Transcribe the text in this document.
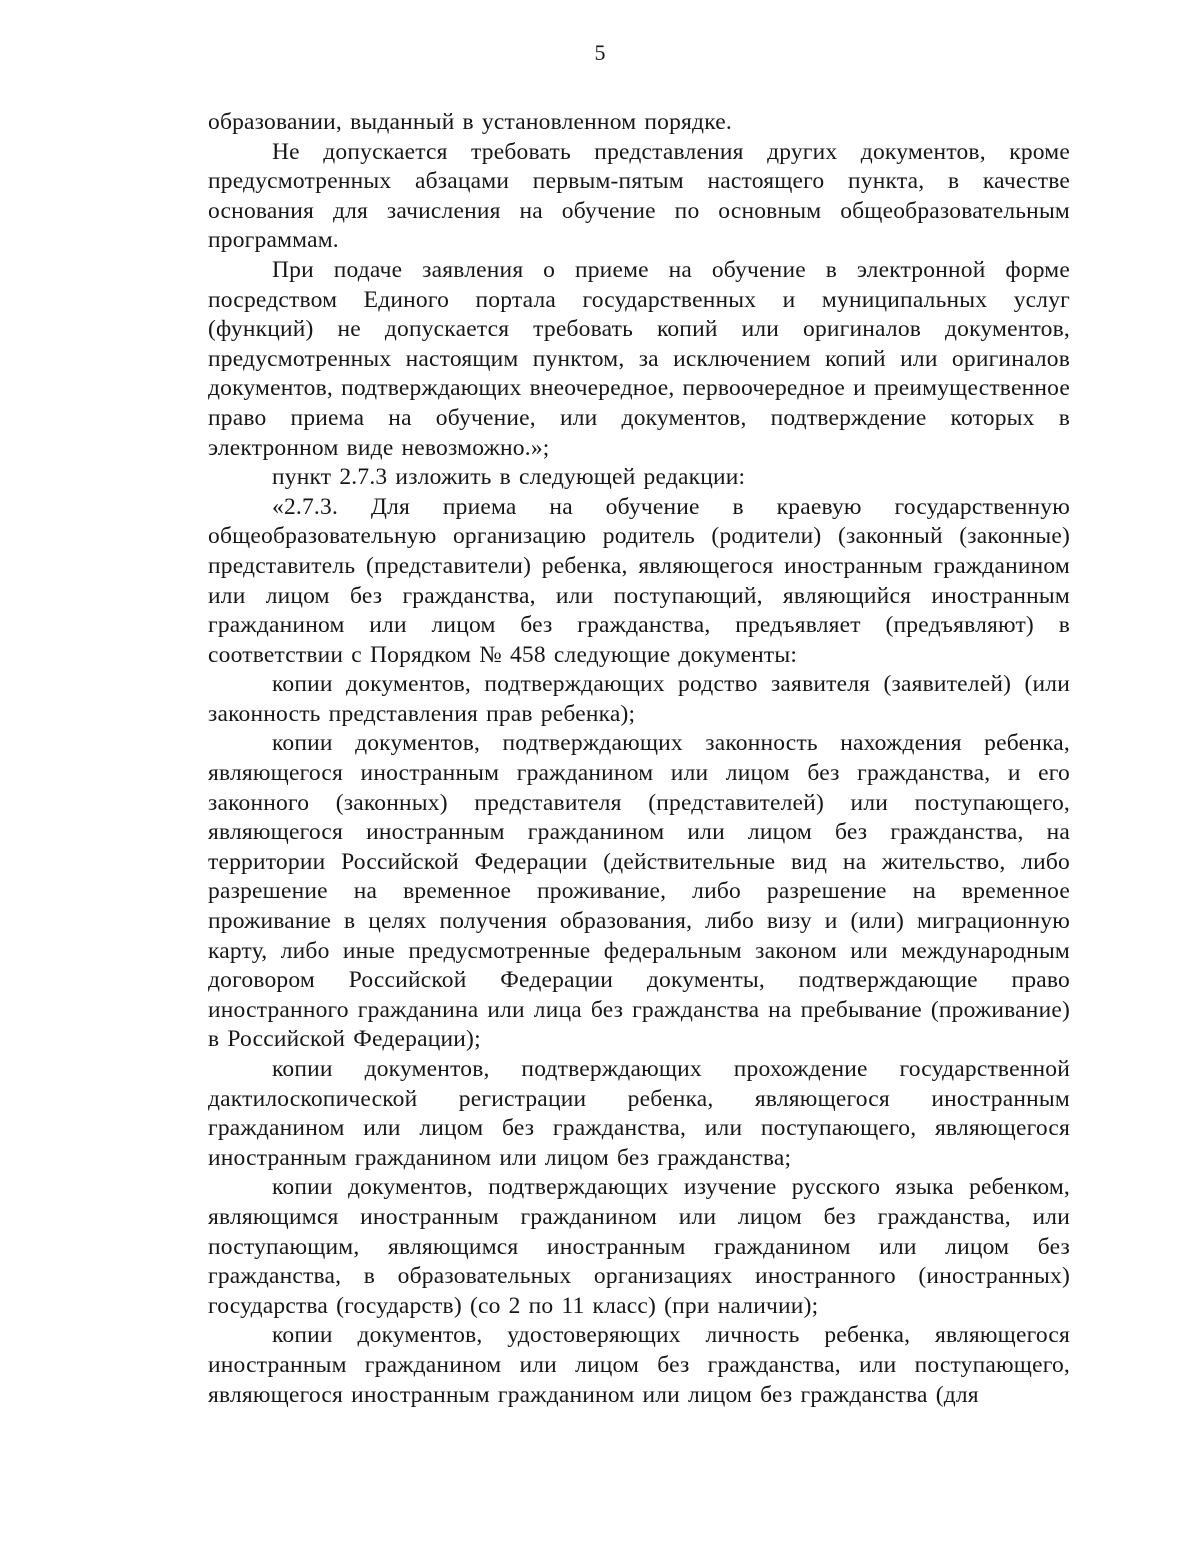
5

образовании, выданный в установленном порядке.

Не допускается требовать представления других документов, кроме предусмотренных абзацами первым-пятым настоящего пункта, в качестве основания для зачисления на обучение по основным общеобразовательным программам.

При подаче заявления о приеме на обучение в электронной форме посредством Единого портала государственных и муниципальных услуг (функций) не допускается требовать копий или оригиналов документов, предусмотренных настоящим пунктом, за исключением копий или оригиналов документов, подтверждающих внеочередное, первоочередное и преимущественное право приема на обучение, или документов, подтверждение которых в электронном виде невозможно.»;

пункт 2.7.3 изложить в следующей редакции:

«2.7.3. Для приема на обучение в краевую государственную общеобразовательную организацию родитель (родители) (законный (законные) представитель (представители) ребенка, являющегося иностранным гражданином или лицом без гражданства, или поступающий, являющийся иностранным гражданином или лицом без гражданства, предъявляет (предъявляют) в соответствии с Порядком № 458 следующие документы:

копии документов, подтверждающих родство заявителя (заявителей) (или законность представления прав ребенка);

копии документов, подтверждающих законность нахождения ребенка, являющегося иностранным гражданином или лицом без гражданства, и его законного (законных) представителя (представителей) или поступающего, являющегося иностранным гражданином или лицом без гражданства, на территории Российской Федерации (действительные вид на жительство, либо разрешение на временное проживание, либо разрешение на временное проживание в целях получения образования, либо визу и (или) миграционную карту, либо иные предусмотренные федеральным законом или международным договором Российской Федерации документы, подтверждающие право иностранного гражданина или лица без гражданства на пребывание (проживание) в Российской Федерации);

копии документов, подтверждающих прохождение государственной дактилоскопической регистрации ребенка, являющегося иностранным гражданином или лицом без гражданства, или поступающего, являющегося иностранным гражданином или лицом без гражданства;

копии документов, подтверждающих изучение русского языка ребенком, являющимся иностранным гражданином или лицом без гражданства, или поступающим, являющимся иностранным гражданином или лицом без гражданства, в образовательных организациях иностранного (иностранных) государства (государств) (со 2 по 11 класс) (при наличии);

копии документов, удостоверяющих личность ребенка, являющегося иностранным гражданином или лицом без гражданства, или поступающего, являющегося иностранным гражданином или лицом без гражданства (для
